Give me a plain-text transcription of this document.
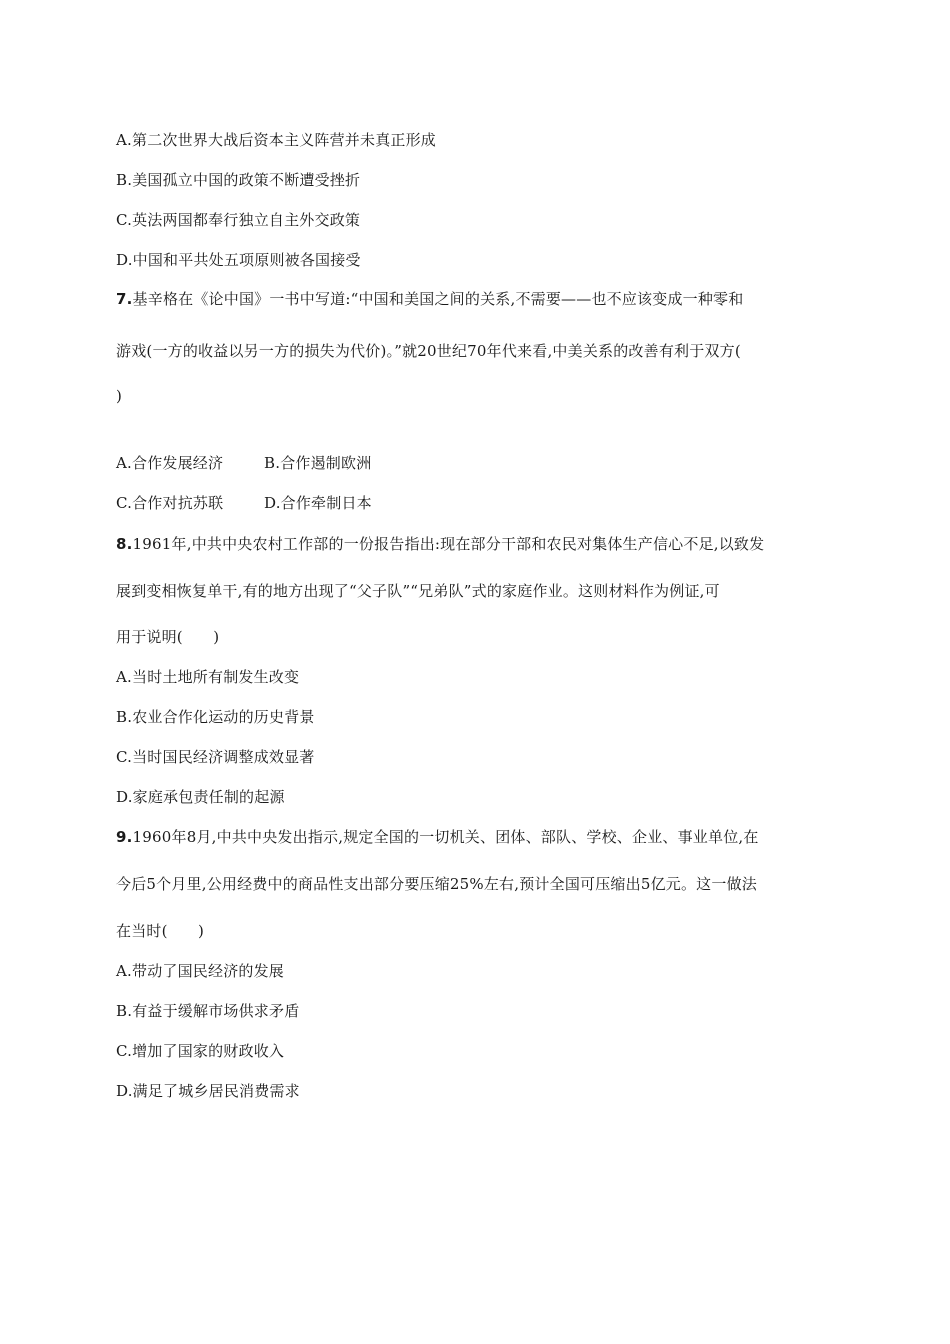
A.第二次世界大战后资本主义阵营并未真正形成
B.美国孤立中国的政策不断遭受挫折
C.英法两国都奉行独立自主外交政策
D.中国和平共处五项原则被各国接受
7.基辛格在《论中国》一书中写道:“中国和美国之间的关系,不需要——也不应该变成一种零和
游戏(一方的收益以另一方的损失为代价)。”就20世纪70年代来看,中美关系的改善有利于双方(
)
A.合作发展经济	B.合作遏制欧洲
C.合作对抗苏联	D.合作牵制日本
8.1961年,中共中央农村工作部的一份报告指出:现在部分干部和农民对集体生产信心不足,以致发
展到变相恢复单干,有的地方出现了“父子队”“兄弟队”式的家庭作业。这则材料作为例证,可
用于说明(　　)
A.当时土地所有制发生改变
B.农业合作化运动的历史背景
C.当时国民经济调整成效显著
D.家庭承包责任制的起源
9.1960年8月,中共中央发出指示,规定全国的一切机关、团体、部队、学校、企业、事业单位,在
今后5个月里,公用经费中的商品性支出部分要压缩25%左右,预计全国可压缩出5亿元。这一做法
在当时(　　)
A.带动了国民经济的发展
B.有益于缓解市场供求矛盾
C.增加了国家的财政收入
D.满足了城乡居民消费需求
